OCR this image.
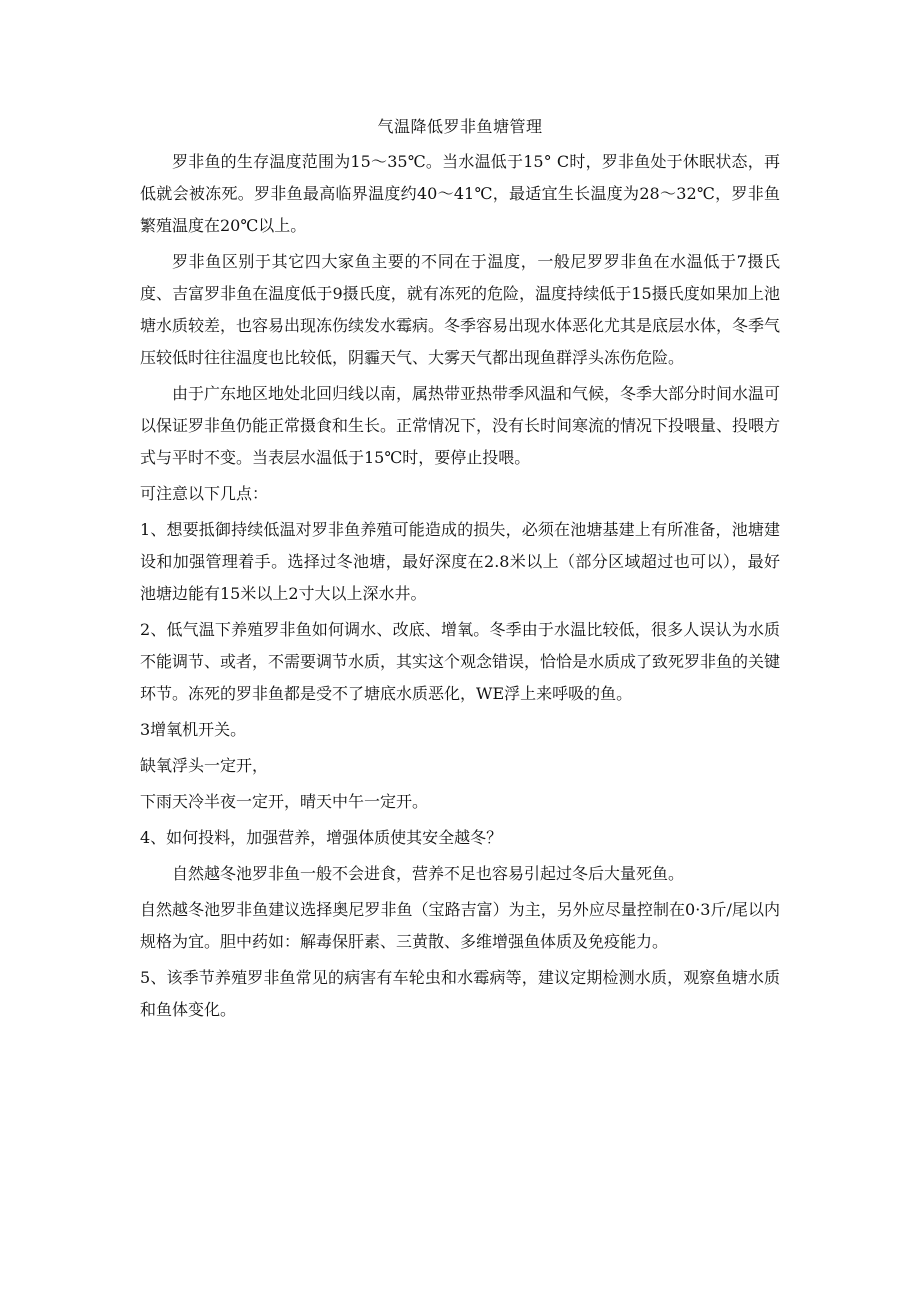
气温降低罗非鱼塘管理

罗非鱼的生存温度范围为15～35℃。当水温低于15° C时，罗非鱼处于休眠状态，再低就会被冻死。罗非鱼最高临界温度约40～41℃，最适宜生长温度为28～32℃，罗非鱼繁殖温度在20℃以上。

罗非鱼区别于其它四大家鱼主要的不同在于温度，一般尼罗罗非鱼在水温低于7摄氏度、吉富罗非鱼在温度低于9摄氏度，就有冻死的危险，温度持续低于15摄氏度如果加上池塘水质较差，也容易出现冻伤续发水霉病。冬季容易出现水体恶化尤其是底层水体，冬季气压较低时往往温度也比较低，阴霾天气、大雾天气都出现鱼群浮头冻伤危险。

由于广东地区地处北回归线以南，属热带亚热带季风温和气候，冬季大部分时间水温可以保证罗非鱼仍能正常摄食和生长。正常情况下，没有长时间寒流的情况下投喂量、投喂方式与平时不变。当表层水温低于15℃时，要停止投喂。

可注意以下几点：

1、想要抵御持续低温对罗非鱼养殖可能造成的损失，必须在池塘基建上有所准备，池塘建设和加强管理着手。选择过冬池塘，最好深度在2.8米以上（部分区域超过也可以），最好池塘边能有15米以上2寸大以上深水井。

2、低气温下养殖罗非鱼如何调水、改底、增氧。冬季由于水温比较低，很多人误认为水质不能调节、或者，不需要调节水质，其实这个观念错误，恰恰是水质成了致死罗非鱼的关键环节。冻死的罗非鱼都是受不了塘底水质恶化，WE浮上来呼吸的鱼。

3增氧机开关。

缺氧浮头一定开，

下雨天冷半夜一定开，晴天中午一定开。

4、如何投料，加强营养，增强体质使其安全越冬？

自然越冬池罗非鱼一般不会进食，营养不足也容易引起过冬后大量死鱼。

自然越冬池罗非鱼建议选择奥尼罗非鱼（宝路吉富）为主，另外应尽量控制在0·3斤/尾以内规格为宜。胆中药如：解毒保肝素、三黄散、多维增强鱼体质及免疫能力。

5、该季节养殖罗非鱼常见的病害有车轮虫和水霉病等，建议定期检测水质，观察鱼塘水质和鱼体变化。
